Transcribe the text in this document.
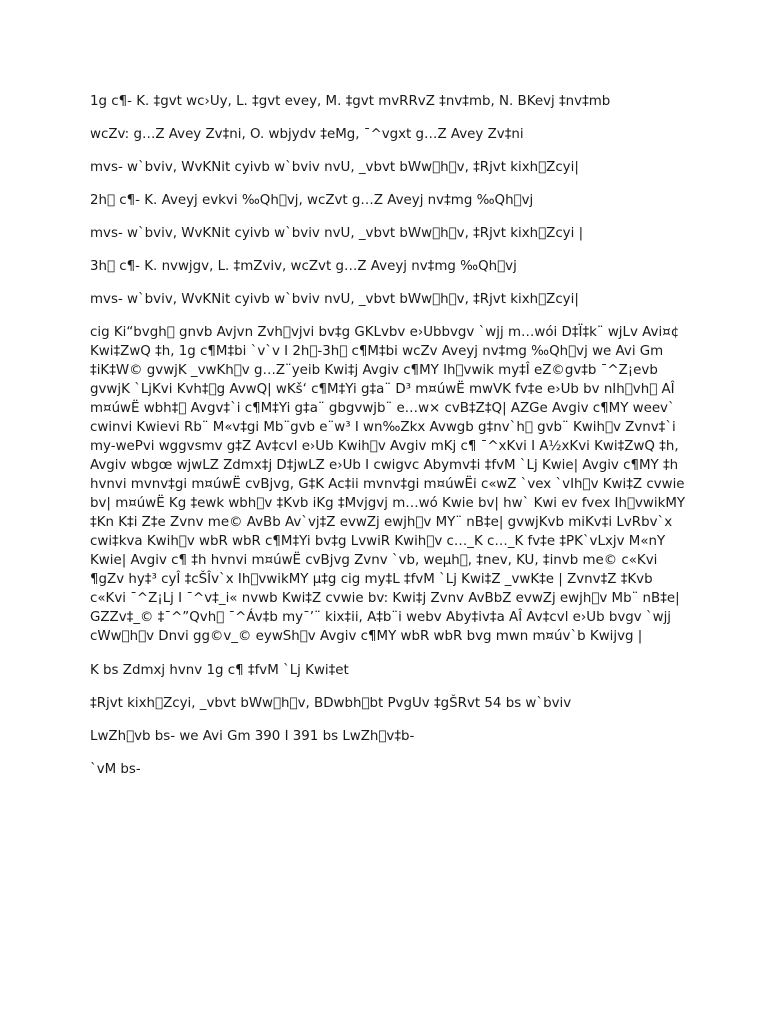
1g c¶- K. ‡gvt wc›Uy, L. ‡gvt evey, M. ‡gvt mvRRvZ ‡nv‡mb, N. BKevj ‡nv‡mb

wcZv: g…Z Avey Zv‡ni, O. wbjydv ‡eMg, ¯^vgxt g…Z Avey Zv‡ni

mvs- w`bviv, WvKNit cyivb w`bviv nvU, _vbvt bWw h v, ‡Rjvt kixh Zcyi|

2h  c¶- K. Aveyj evkvi ‰Qh vj, wcZvt g…Z Aveyj nv‡mg ‰Qh vj

mvs- w`bviv, WvKNit cyivb w`bviv nvU, _vbvt bWw h v, ‡Rjvt kixh Zcyi |

3h  c¶- K. nvwjgv, L. ‡mZviv, wcZvt g…Z Aveyj nv‡mg ‰Qh vj

mvs- w`bviv, WvKNit cyivb w`bviv nvU, _vbvt bWw h v, ‡Rjvt kixh Zcyi|

cig Ki“bvgh  gnvb Avjvn Zvh vjvi bv‡g GKLvbv e›Ubbvgv `wjj m…wói D‡Ï‡k¨ wjLv Avi¤¢ Kwi‡ZwQ ‡h, 1g c¶M‡bi `v`v I 2h -3h  c¶M‡bi wcZv Aveyj nv‡mg ‰Qh vj we Avi Gm ‡iK‡W© gvwjK _vwKh v g…Z¨yeib Kwi‡j Avgiv c¶MY Ih vwik my‡Î eZ©gv‡b ¯^Z¡evb gvwjK `LjKvi Kvh‡ g AvwQ| wKš‘ c¶M‡Yi g‡a¨ D³ m¤úwË mwVK fv‡e e›Ub bv nIh vh  AÎ m¤úwË wbh‡  Avgv‡`i c¶M‡Yi g‡a¨ gbgvwjb¨ e…w× cvB‡Z‡Q| AZGe Avgiv c¶MY weev` cwinvi Kwievi Rb¨ M«v‡gi Mb¨gvb e¨w³ I wn‰Zkx Avwgb g‡nv`h  gvb¨ Kwih v Zvnv‡`i my-wePvi wggvsmv g‡Z Av‡cvl e›Ub Kwih v Avgiv mKj c¶ ¯^xKvi I A½xKvi Kwi‡ZwQ ‡h, Avgiv wbgœ wjwLZ Zdmx‡j D‡jwLZ e›Ub I cwigvc Abymv‡i ‡fvM `Lj Kwie| Avgiv c¶MY ‡h hvnvi mvnv‡gi m¤úwË cvBjvg, G‡K Ac‡ii mvnv‡gi m¤úwËi c«wZ `vex `vIh v Kwi‡Z cvwie bv| m¤úwË Kg ‡ewk wbh v ‡Kvb iKg ‡Mvjgvj m…wó Kwie bv| hw` Kwi ev fvex Ih vwikMY ‡Kn K‡i Z‡e Zvnv me© AvBb Av`vj‡Z evwZj ewjh v MY¨ nB‡e| gvwjKvb miKv‡i LvRbv`x cwi‡kva Kwih v wbR wbR c¶M‡Yi bv‡g LvwiR Kwih v c…_K c…_K fv‡e ‡PK`vLxjv M«nY Kwie| Avgiv c¶ ‡h hvnvi m¤úwË cvBjvg Zvnv `vb, weµh , ‡nev, KU, ‡invb me© c«Kvi ¶gZv hy‡³ cyÎ ‡cŠÎv`x Ih vwikMY µ‡g cig my‡L ‡fvM `Lj Kwi‡Z _vwK‡e | Zvnv‡Z ‡Kvb c«Kvi ¯^Z¡Lj I ¯^v‡_i« nvwb Kwi‡Z cvwie bv: Kwi‡j Zvnv AvBbZ evwZj ewjh v Mb¨ nB‡e| GZZv‡_© ‡¯^”Qvh  ¯^Áv‡b my¯’¨ kix‡ii, A‡b¨i webv Aby‡iv‡a AÎ Av‡cvl e›Ub bvgv `wjj cWw h v Dnvi gg©v_© eywSh v Avgiv c¶MY wbR wbR bvg mwn m¤úv`b Kwijvg |

K bs Zdmxj hvnv 1g c¶ ‡fvM `Lj Kwi‡et

‡Rjvt kixh Zcyi, _vbvt bWw h v, BDwbh bt PvgUv ‡gŠRvt 54 bs w`bviv

LwZh vb bs- we Avi Gm 390 I 391 bs LwZh v‡b-

`vM bs-
